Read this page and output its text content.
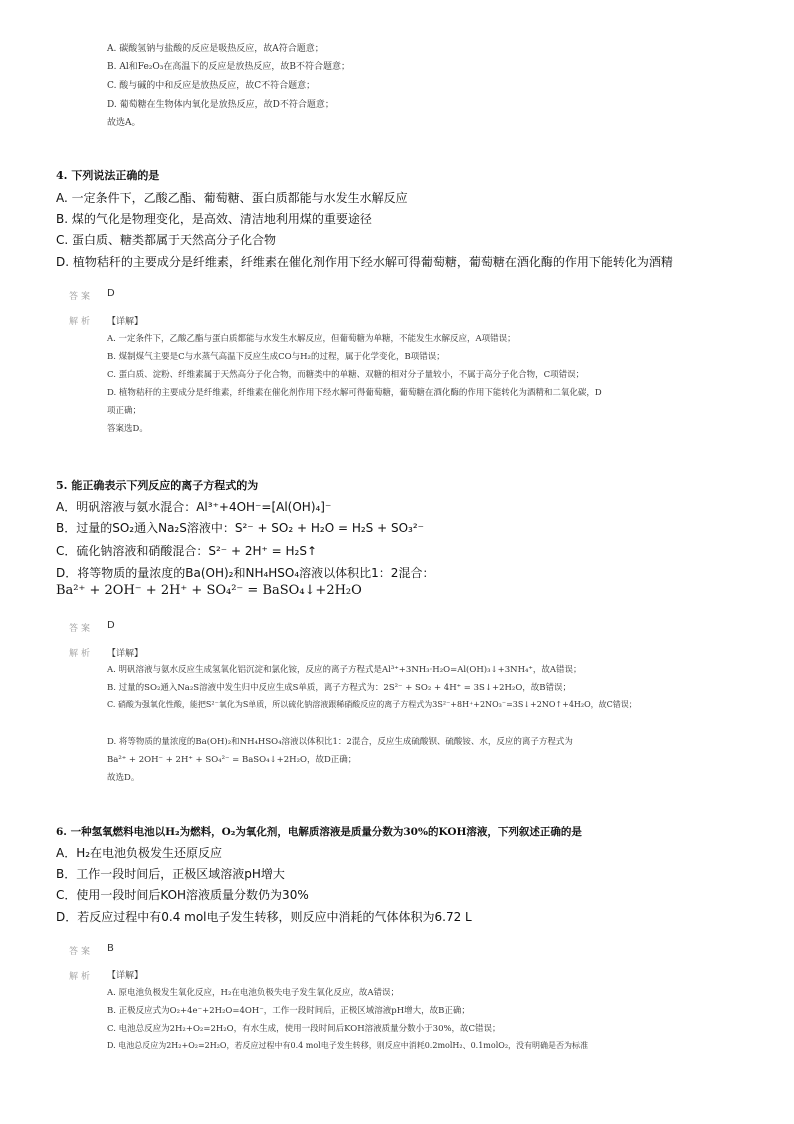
A. 碳酸氢钠与盐酸的反应是吸热反应，故A符合题意；
B. Al和Fe₂O₃在高温下的反应是放热反应，故B不符合题意；
C. 酸与碱的中和反应是放热反应，故C不符合题意；
D. 葡萄糖在生物体内氧化是放热反应，故D不符合题意；
故选A。
4. 下列说法正确的是
A. 一定条件下，乙酸乙酯、葡萄糖、蛋白质都能与水发生水解反应
B. 煤的气化是物理变化，是高效、清洁地利用煤的重要途径
C. 蛋白质、糖类都属于天然高分子化合物
D. 植物秸秆的主要成分是纤维素，纤维素在催化剂作用下经水解可得葡萄糖，葡萄糖在酒化酶的作用下能转化为酒精
答案 D
解析 【详解】
A. 一定条件下，乙酸乙酯与蛋白质都能与水发生水解反应，但葡萄糖为单糖，不能发生水解反应，A项错误；
B. 煤制煤气主要是C与水蒸气高温下反应生成CO与H₂的过程，属于化学变化，B项错误；
C. 蛋白质、淀粉、纤维素属于天然高分子化合物，而糖类中的单糖、双糖的相对分子量较小，不属于高分子化合物，C项错误；
D. 植物秸秆的主要成分是纤维素，纤维素在催化剂作用下经水解可得葡萄糖，葡萄糖在酒化酶的作用下能转化为酒精和二氧化碳，D
项正确；
答案选D。
5. 能正确表示下列反应的离子方程式的为
A．明矾溶液与氨水混合：Al³⁺+4OH⁻=[Al(OH)₄]⁻
B．过量的SO₂通入Na₂S溶液中：S²⁻ + SO₂ + H₂O = H₂S + SO₃²⁻
C．硫化钠溶液和硝酸混合：S²⁻ + 2H⁺ = H₂S↑
D．将等物质的量浓度的Ba(OH)₂和NH₄HSO₄溶液以体积比1：2混合：
Ba²⁺ + 2OH⁻ + 2H⁺ + SO₄²⁻ = BaSO₄↓+2H₂O
答案 D
解析 【详解】
A. 明矾溶液与氨水反应生成氢氧化铝沉淀和氯化铵，反应的离子方程式是Al³⁺+3NH₃·H₂O=Al(OH)₃↓+3NH₄⁺，故A错误；
B. 过量的SO₂通入Na₂S溶液中发生归中反应生成S单质，离子方程式为：2S²⁻ + SO₂ + 4H⁺ = 3S↓+2H₂O，故B错误；
C. 硝酸为强氧化性酸，能把S²⁻氧化为S单质，所以硫化钠溶液跟稀硝酸反应的离子方程式为3S²⁻+8H⁺+2NO₃⁻=3S↓+2NO↑+4H₂O，故C错误；
D. 将等物质的量浓度的Ba(OH)₂和NH₄HSO₄溶液以体积比1：2混合，反应生成硫酸钡、硫酸铵、水，反应的离子方程式为
Ba²⁺ + 2OH⁻ + 2H⁺ + SO₄²⁻ = BaSO₄↓+2H₂O，故D正确；
故选D。
6. 一种氢氧燃料电池以H₂为燃料，O₂为氧化剂，电解质溶液是质量分数为30%的KOH溶液，下列叙述正确的是
A．H₂在电池负极发生还原反应
B．工作一段时间后，正极区域溶液pH增大
C．使用一段时间后KOH溶液质量分数仍为30%
D．若反应过程中有0.4 mol电子发生转移，则反应中消耗的气体体积为6.72 L
答案 B
解析 【详解】
A. 原电池负极发生氧化反应，H₂在电池负极失电子发生氧化反应，故A错误；
B. 正极反应式为O₂+4e⁻+2H₂O=4OH⁻，工作一段时间后，正极区域溶液pH增大，故B正确；
C. 电池总反应为2H₂+O₂=2H₂O，有水生成，使用一段时间后KOH溶液质量分数小于30%，故C错误；
D. 电池总反应为2H₂+O₂=2H₂O，若反应过程中有0.4 mol电子发生转移，则反应中消耗0.2molH₂、0.1molO₂，没有明确是否为标准
